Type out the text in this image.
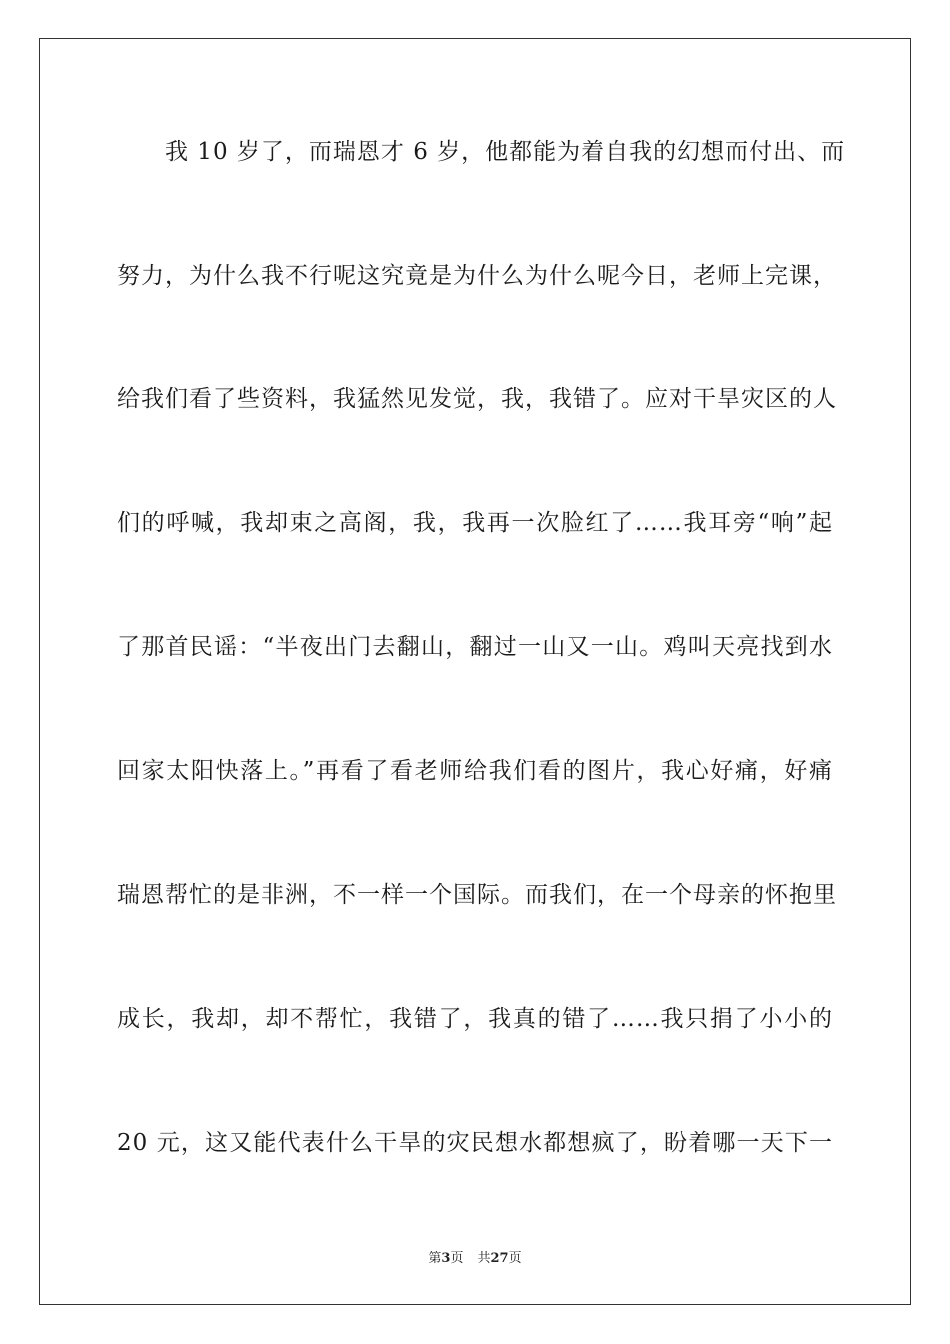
我 10 岁了，而瑞恩才 6 岁，他都能为着自我的幻想而付出、而
努力，为什么我不行呢这究竟是为什么为什么呢今日，老师上完课，
给我们看了些资料，我猛然见发觉，我，我错了。应对干旱灾区的人
们的呼喊，我却束之高阁，我，我再一次脸红了……我耳旁“响”起
了那首民谣：“半夜出门去翻山，翻过一山又一山。鸡叫天亮找到水
回家太阳快落上。”再看了看老师给我们看的图片，我心好痛，好痛
瑞恩帮忙的是非洲，不一样一个国际。而我们，在一个母亲的怀抱里
成长，我却，却不帮忙，我错了，我真的错了……我只捐了小小的
20 元，这又能代表什么干旱的灾民想水都想疯了，盼着哪一天下一
第3页 共27页
